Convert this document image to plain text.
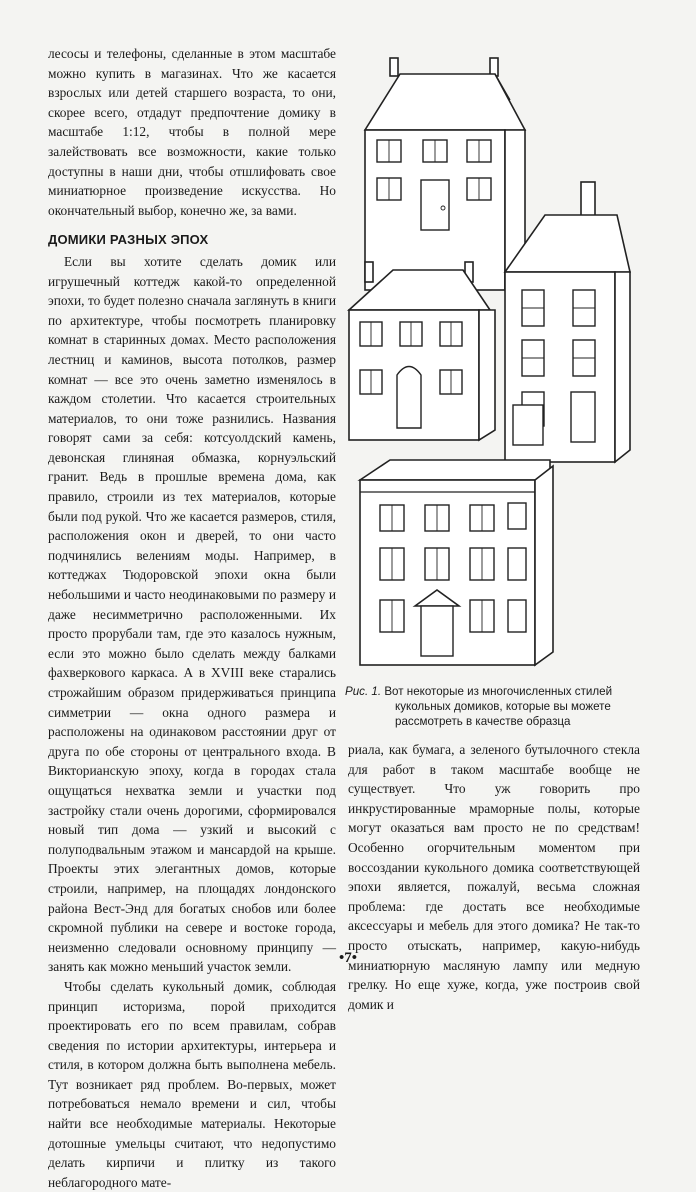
лесосы и телефоны, сделанные в этом масштабе можно купить в магазинах. Что же касается взрослых или детей старшего возраста, то они, скорее всего, отдадут предпочтение домику в масштабе 1:12, чтобы в полной мере залействовать все возможности, какие только доступны в наши дни, чтобы отшлифовать свое миниатюрное произведение искусства. Но окончательный выбор, конечно же, за вами.

ДОМИКИ РАЗНЫХ ЭПОХ

Если вы хотите сделать домик или игрушечный коттедж какой-то определенной эпохи, то будет полезно сначала заглянуть в книги по архитектуре, чтобы посмотреть планировку комнат в старинных домах. Место расположения лестниц и каминов, высота потолков, размер комнат — все это очень заметно изменялось в каждом столетии. Что касается строительных материалов, то они тоже разнились. Названия говорят сами за себя: котсуолдский камень, девонская глиняная обмазка, корнуэльский гранит. Ведь в прошлые времена дома, как правило, строили из тех материалов, которые были под рукой. Что же касается размеров, стиля, расположения окон и дверей, то они часто подчинялись велениям моды. Например, в коттеджах Тюдоровской эпохи окна были небольшими и часто неодинаковыми по размеру и даже несимметрично расположенными. Их просто прорубали там, где это казалось нужным, если это можно было сделать между балками фахверкового каркаса. А в XVIII веке старались строжайшим образом придерживаться принципа симметрии — окна одного размера и расположены на одинаковом расстоянии друг от друга по обе стороны от центрального входа. В Викторианскую эпоху, когда в городах стала ощущаться нехватка земли и участки под застройку стали очень дорогими, сформировался новый тип дома — узкий и высокий с полуподвальным этажом и мансардой на крыше. Проекты этих элегантных домов, которые строили, например, на площадях лондонского района Вест-Энд для богатых снобов или более скромной публики на севере и востоке города, неизменно следовали основному принципу — занять как можно меньший участок земли.

Чтобы сделать кукольный домик, соблюдая принцип историзма, порой приходится проектировать его по всем правилам, собрав сведения по истории архитектуры, интерьера и стиля, в котором должна быть выполнена мебель. Тут возникает ряд проблем. Во-первых, может потребоваться немало времени и сил, чтобы найти все необходимые материалы. Некоторые дотошные умельцы считают, что недопустимо делать кирпичи и плитку из такого неблагородного мате-

Рис. 1. Вот некоторые из многочисленных стилей
кукольных домиков, которые вы можете
рассмотреть в качестве образца

риала, как бумага, а зеленого бутылочного стекла для работ в таком масштабе вообще не существует. Что уж говорить про инкрустированные мраморные полы, которые могут оказаться вам просто не по средствам! Особенно огорчительным моментом при воссоздании кукольного домика соответствующей эпохи является, пожалуй, весьма сложная проблема: где достать все необходимые аксессуары и мебель для этого домика? Не так-то просто отыскать, например, какую-нибудь миниатюрную масляную лампу или медную грелку. Но еще хуже, когда, уже построив свой домик и

•7•
